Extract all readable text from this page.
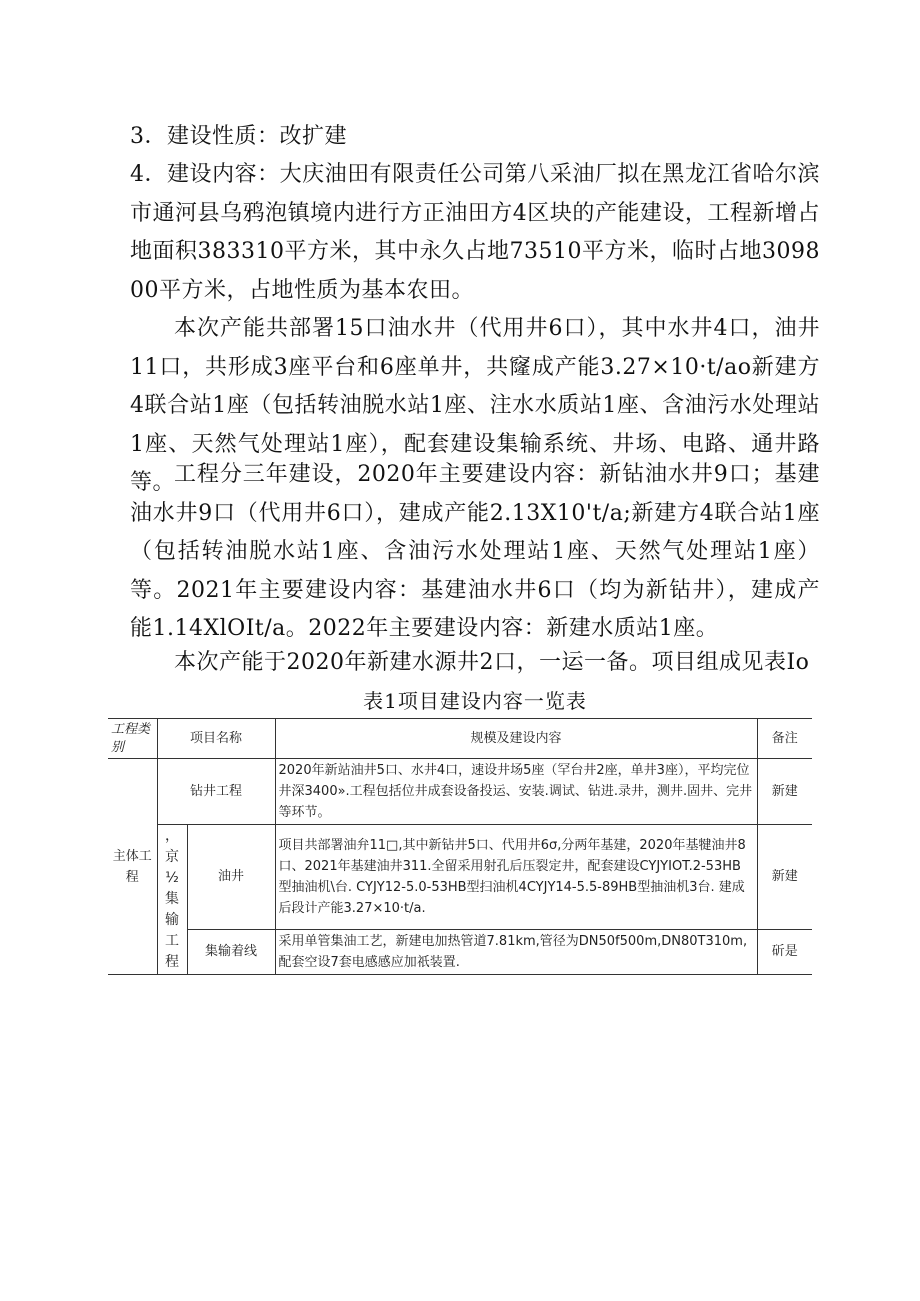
3．建设性质：改扩建

4．建设内容：大庆油田有限责任公司第八采油厂拟在黑龙江省哈尔滨市通河县乌鸦泡镇境内进行方正油田方4区块的产能建设，工程新增占地面积383310平方米，其中永久占地73510平方米，临时占地309800平方米，占地性质为基本农田。

本次产能共部署15口油水井（代用井6口），其中水井4口，油井11口，共形成3座平台和6座单井，共窿成产能3.27×10·t/ao新建方4联合站1座（包括转油脱水站1座、注水水质站1座、含油污水处理站1座、天然气处理站1座），配套建设集输系统、井场、电路、通井路等。

工程分三年建设，2020年主要建设内容：新钻油水井9口；基建油水井9口（代用井6口），建成产能2.13X10't/a;新建方4联合站1座（包括转油脱水站1座、含油污水处理站1座、天然气处理站1座）等。2021年主要建设内容：基建油水井6口（均为新钻井），建成产能1.14XlOIt/a。2022年主要建设内容：新建水质站1座。

本次产能于2020年新建水源井2口，一运一备。项目组成见表Io

表1项目建设内容一览表
工程类别	项目名称		规模及建设内容	备注
主体工程	钻井工程		2020年新站油井5口、水井4口，速设井场5座（罕台井2座，单井3座），平均完位井深3400».工程包括位井成套设备投运、安装.调试、钻进.录井，测井.固井、完井等环节。	新建
	，京½集输工程	油井	项目共部署油弁11□,其中新钻井5口、代用井6σ,分两年基建，2020年基犍油井8口、2021年基建油井311.全留采用射孔后压裂定井，配套建设CYJYIOT.2-53HB型抽油机\台. CYJY12-5.0-53HB型扫油机4CYJY14-5.5-89HB型抽油机3台. 建成后段计产能3.27×10·t/a.	新建
		集输着线	采用单管集油工艺，新建电加热管道7.81km,管径为DN50f500m,DN80T310m,配套空设7套电感感应加祇装置.	斫是
